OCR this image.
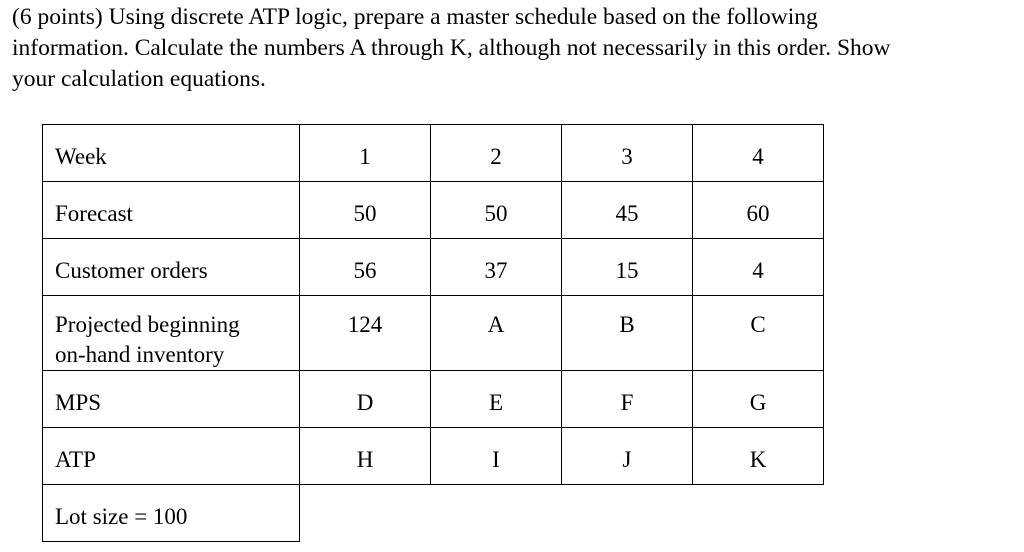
(6 points) Using discrete ATP logic, prepare a master schedule based on the following
information. Calculate the numbers A through K, although not necessarily in this order. Show
your calculation equations.
Week	1	2	3	4
Forecast	50	50	45	60
Customer orders	56	37	15	4

Projected beginning
on-hand inventory	124	A	B	C
MPS	D	E	F	G
ATP	H	I	J	K
Lot size = 100				
